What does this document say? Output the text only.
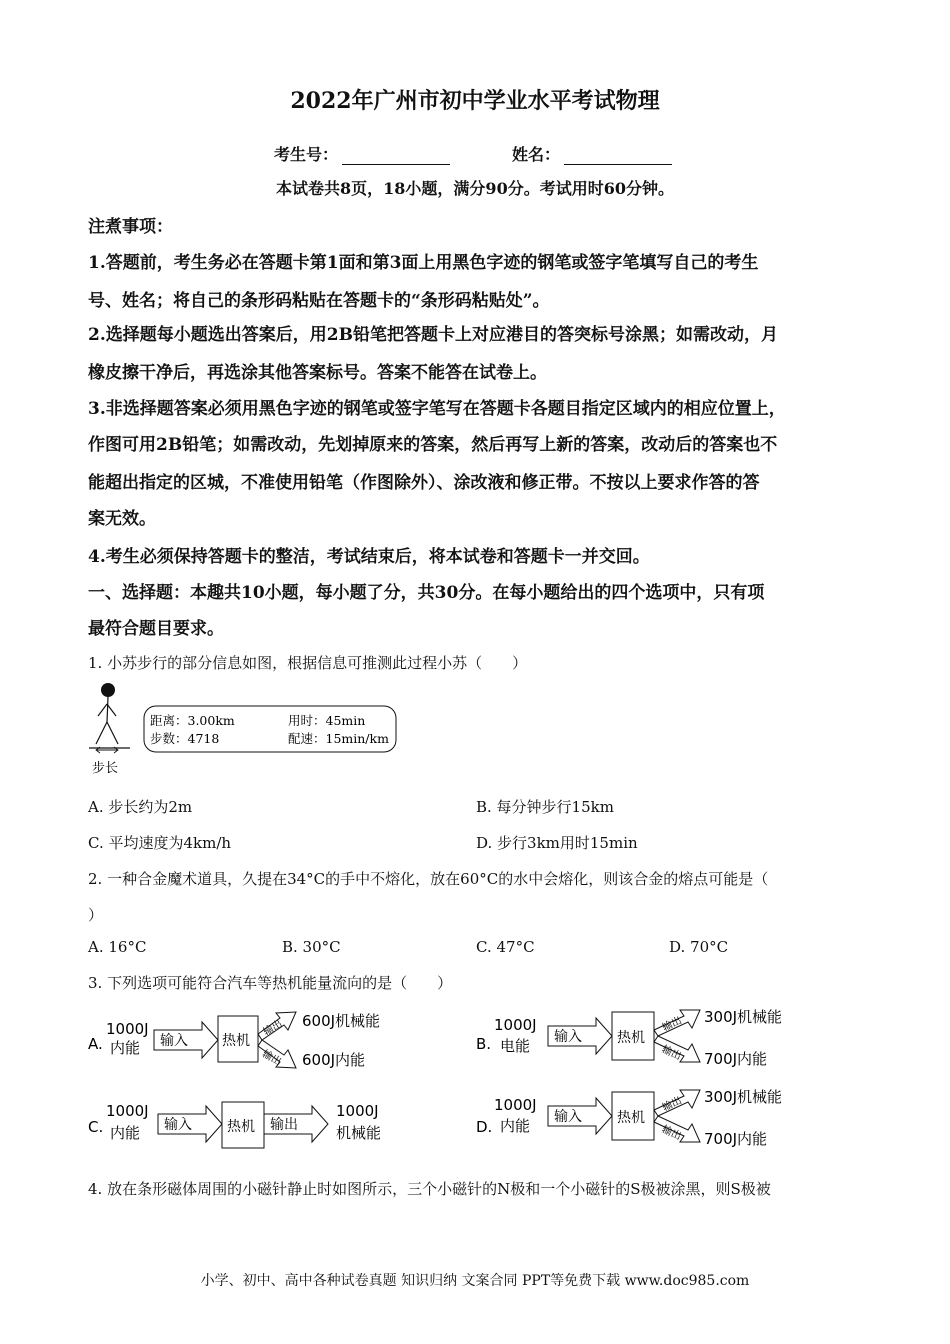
2022年广州市初中学业水平考试物理
考生号：	姓名：
本试卷共8页，18小题，满分90分。考试用时60分钟。
注煮事项：
1.答题前，考生务必在答题卡第1面和第3面上用黑色字迹的钢笔或签字笔填写自己的考生
号、姓名；将自己的条形码粘贴在答题卡的“条形码粘贴处”。
2.选择题每小题选出答案后，用2B铅笔把答题卡上对应港目的答突标号涂黑；如需改动，月
橡皮擦干净后，再选涂其他答案标号。答案不能答在试卷上。
3.非选择题答案必须用黑色字迹的钢笔或签字笔写在答题卡各题目指定区域内的相应位置上，
作图可用2B铅笔；如需改动，先划掉原来的答案，然后再写上新的答案，改动后的答案也不
能超出指定的区城，不准使用铅笔（作图除外）、涂改液和修正带。不按以上要求作答的答
案无效。
4.考生必须保持答题卡的整洁，考试结束后，将本试卷和答题卡一并交回。
一、选择题：本趣共10小题，每小题了分，共30分。在每小题给出的四个选项中，只有项
最符合题目要求。
1. 小苏步行的部分信息如图，根据信息可推测此过程小苏（　　）
距离：3.00km	用时：45min
步数：4718	配速：15min/km
步长
A. 步长约为2m	B. 每分钟步行15km
C. 平均速度为4km/h	D. 步行3km用时15min
2. 一种合金魔术道具，久提在34°C的手中不熔化，放在60°C的水中会熔化，则该合金的熔点可能是（
）
A. 16°C	B. 30°C	C. 47°C	D. 70°C
3. 下列选项可能符合汽车等热机能量流向的是（　　）
A.
1000J
内能 输入 热机
输出
输出
600J机械能
600J内能
B.
1000J
电能 输入	热机
输出
输出
300J机械能
700J内能
C.
1000J
内能 输入	热机 输出
1000J
机械能	D.
1000J
内能 输入	热机
输出
输出
300J机械能
700J内能
4. 放在条形磁体周围的小磁针静止时如图所示，三个小磁针的N极和一个小磁针的S极被涂黑，则S极被
小学、初中、高中各种试卷真题 知识归纳 文案合同 PPT等免费下载 www.doc985.com
